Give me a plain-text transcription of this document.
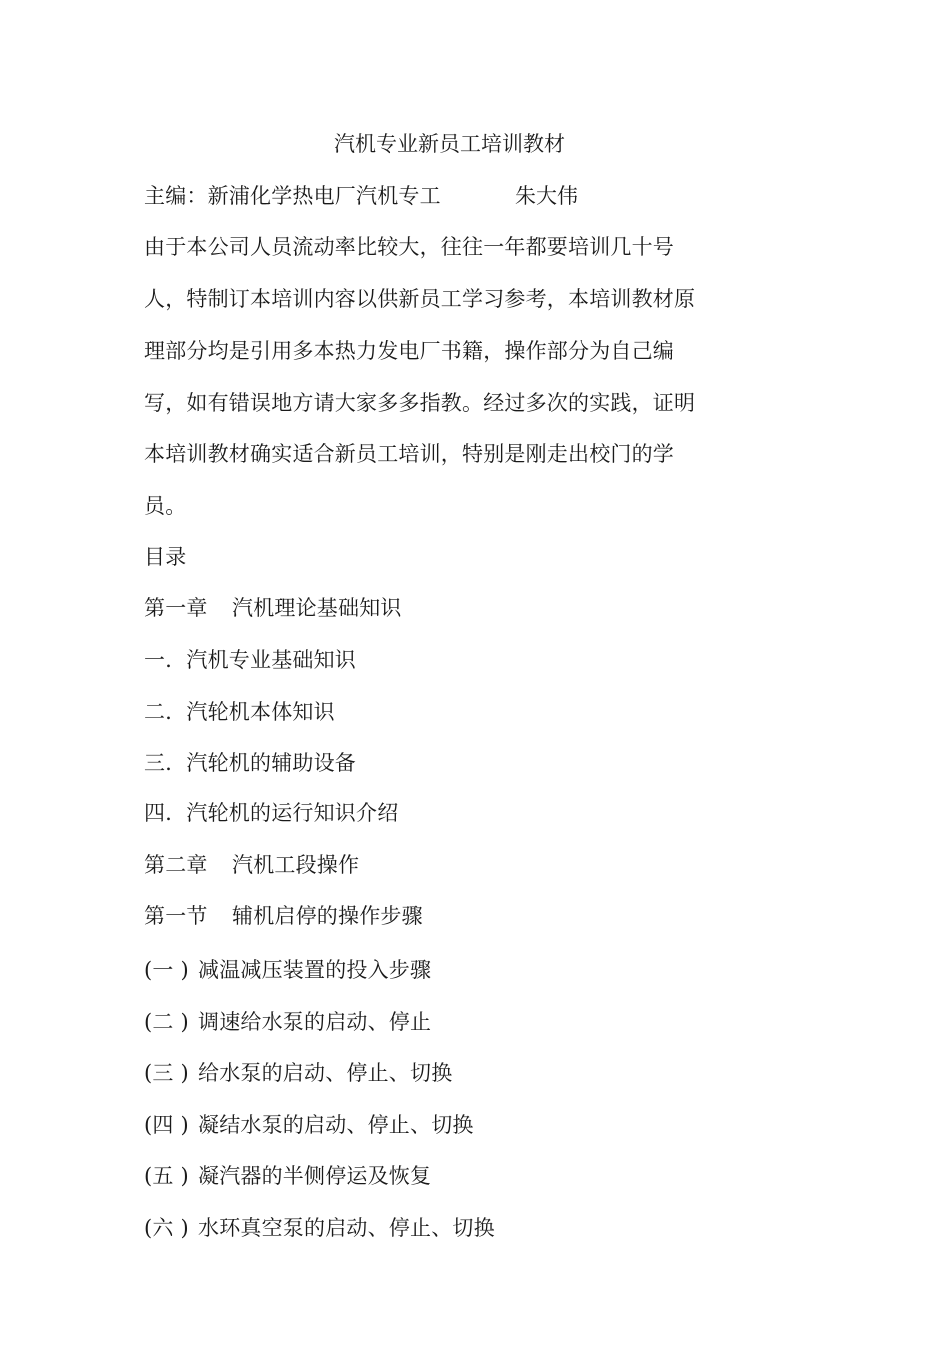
汽机专业新员工培训教材
主编：新浦化学热电厂汽机专工	朱大伟
由于本公司人员流动率比较大，往往一年都要培训几十号
人，特制订本培训内容以供新员工学习参考，本培训教材原
理部分均是引用多本热力发电厂书籍，操作部分为自己编
写，如有错误地方请大家多多指教。经过多次的实践，证明
本培训教材确实适合新员工培训，特别是刚走出校门的学
员。
目录
第一章 汽机理论基础知识
一．汽机专业基础知识
二．汽轮机本体知识
三．汽轮机的辅助设备
四．汽轮机的运行知识介绍
第二章 汽机工段操作
第一节 辅机启停的操作步骤
(一 ) 减温减压装置的投入步骤
(二 ) 调速给水泵的启动、停止
(三 ) 给水泵的启动、停止、切换
(四 ) 凝结水泵的启动、停止、切换
(五 ) 凝汽器的半侧停运及恢复
(六 ) 水环真空泵的启动、停止、切换
